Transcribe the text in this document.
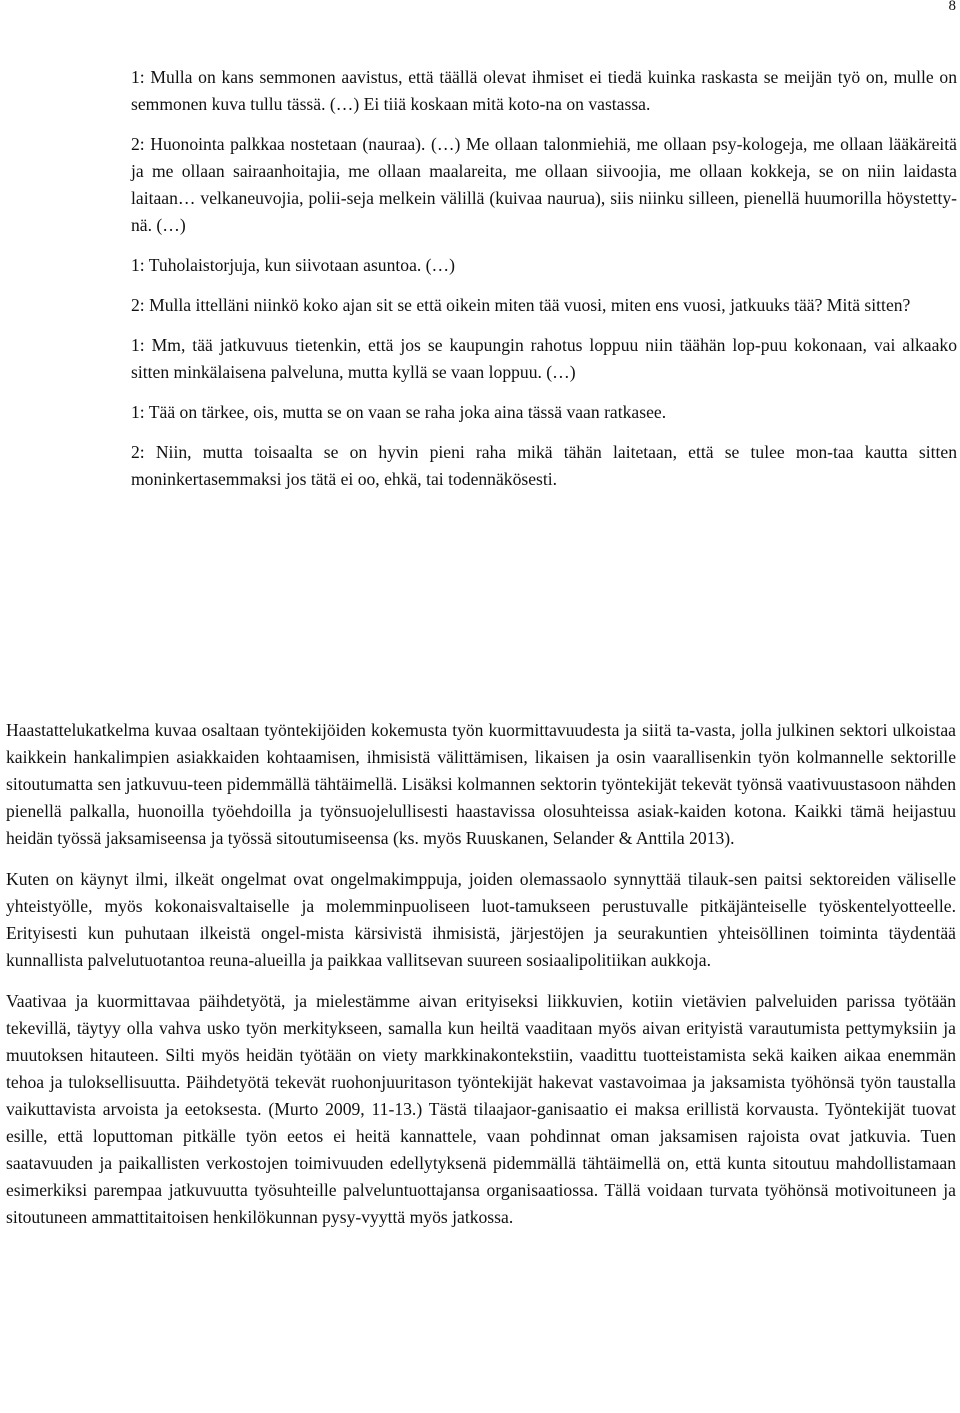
8

1: Mulla on kans semmonen aavistus, että täällä olevat ihmiset ei tiedä kuinka raskasta se meijän työ on, mulle on semmonen kuva tullu tässä. (…) Ei tiiä koskaan mitä koto-na on vastassa.

2: Huonointa palkkaa nostetaan (nauraa). (…) Me ollaan talonmiehiä, me ollaan psy-kologeja, me ollaan lääkäreitä ja me ollaan sairaanhoitajia, me ollaan maalareita, me ollaan siivoojia, me ollaan kokkeja, se on niin laidasta laitaan… velkaneuvojia, polii-seja melkein välillä (kuivaa naurua), siis niinku silleen, pienellä huumorilla höystetty-nä. (…)

1: Tuholaistorjuja, kun siivotaan asuntoa. (…)

2: Mulla ittelläni niinkö koko ajan sit se että oikein miten tää vuosi, miten ens vuosi, jatkuuks tää? Mitä sitten?

1: Mm, tää jatkuvuus tietenkin, että jos se kaupungin rahotus loppuu niin täähän lop-puu kokonaan, vai alkaako sitten minkälaisena palveluna, mutta kyllä se vaan loppuu. (…)

1: Tää on tärkee, ois, mutta se on vaan se raha joka aina tässä vaan ratkasee.

2: Niin, mutta toisaalta se on hyvin pieni raha mikä tähän laitetaan, että se tulee mon-taa kautta sitten moninkertasemmaksi jos tätä ei oo, ehkä, tai todennäkösesti.

Haastattelukatkelma kuvaa osaltaan työntekijöiden kokemusta työn kuormittavuudesta ja siitä ta-vasta, jolla julkinen sektori ulkoistaa kaikkein hankalimpien asiakkaiden kohtaamisen, ihmisistä välittämisen, likaisen ja osin vaarallisenkin työn kolmannelle sektorille sitoutumatta sen jatkuvuu-teen pidemmällä tähtäimellä. Lisäksi kolmannen sektorin työntekijät tekevät työnsä vaativuustasoon nähden pienellä palkalla, huonoilla työehdoilla ja työnsuojelullisesti haastavissa olosuhteissa asiak-kaiden kotona. Kaikki tämä heijastuu heidän työssä jaksamiseensa ja työssä sitoutumiseensa (ks. myös Ruuskanen, Selander & Anttila 2013).

Kuten on käynyt ilmi, ilkeät ongelmat ovat ongelmakimppuja, joiden olemassaolo synnyttää tilauk-sen paitsi sektoreiden väliselle yhteistyölle, myös kokonaisvaltaiselle ja molemminpuoliseen luot-tamukseen perustuvalle pitkäjänteiselle työskentelyotteelle. Erityisesti kun puhutaan ilkeistä ongel-mista kärsivistä ihmisistä, järjestöjen ja seurakuntien yhteisöllinen toiminta täydentää kunnallista palvelutuotantoa reuna-alueilla ja paikkaa vallitsevan suureen sosiaalipolitiikan aukkoja.

Vaativaa ja kuormittavaa päihdetyötä, ja mielestämme aivan erityiseksi liikkuvien, kotiin vietävien palveluiden parissa työtään tekevillä, täytyy olla vahva usko työn merkitykseen, samalla kun heiltä vaaditaan myös aivan erityistä varautumista pettymyksiin ja muutoksen hitauteen. Silti myös heidän työtään on viety markkinakontekstiin, vaadittu tuotteistamista sekä kaiken aikaa enemmän tehoa ja tuloksellisuutta. Päihdetyötä tekevät ruohonjuuritason työntekijät hakevat vastavoimaa ja jaksamista työhönsä työn taustalla vaikuttavista arvoista ja eetoksesta. (Murto 2009, 11-13.) Tästä tilaajaor-ganisaatio ei maksa erillistä korvausta. Työntekijät tuovat esille, että loputtoman pitkälle työn eetos ei heitä kannattele, vaan pohdinnat oman jaksamisen rajoista ovat jatkuvia. Tuen saatavuuden ja paikallisten verkostojen toimivuuden edellytyksenä pidemmällä tähtäimellä on, että kunta sitoutuu mahdollistamaan esimerkiksi parempaa jatkuvuutta työsuhteille palveluntuottajansa organisaatiossa. Tällä voidaan turvata työhönsä motivoituneen ja sitoutuneen ammattitaitoisen henkilökunnan pysy-vyyttä myös jatkossa.
